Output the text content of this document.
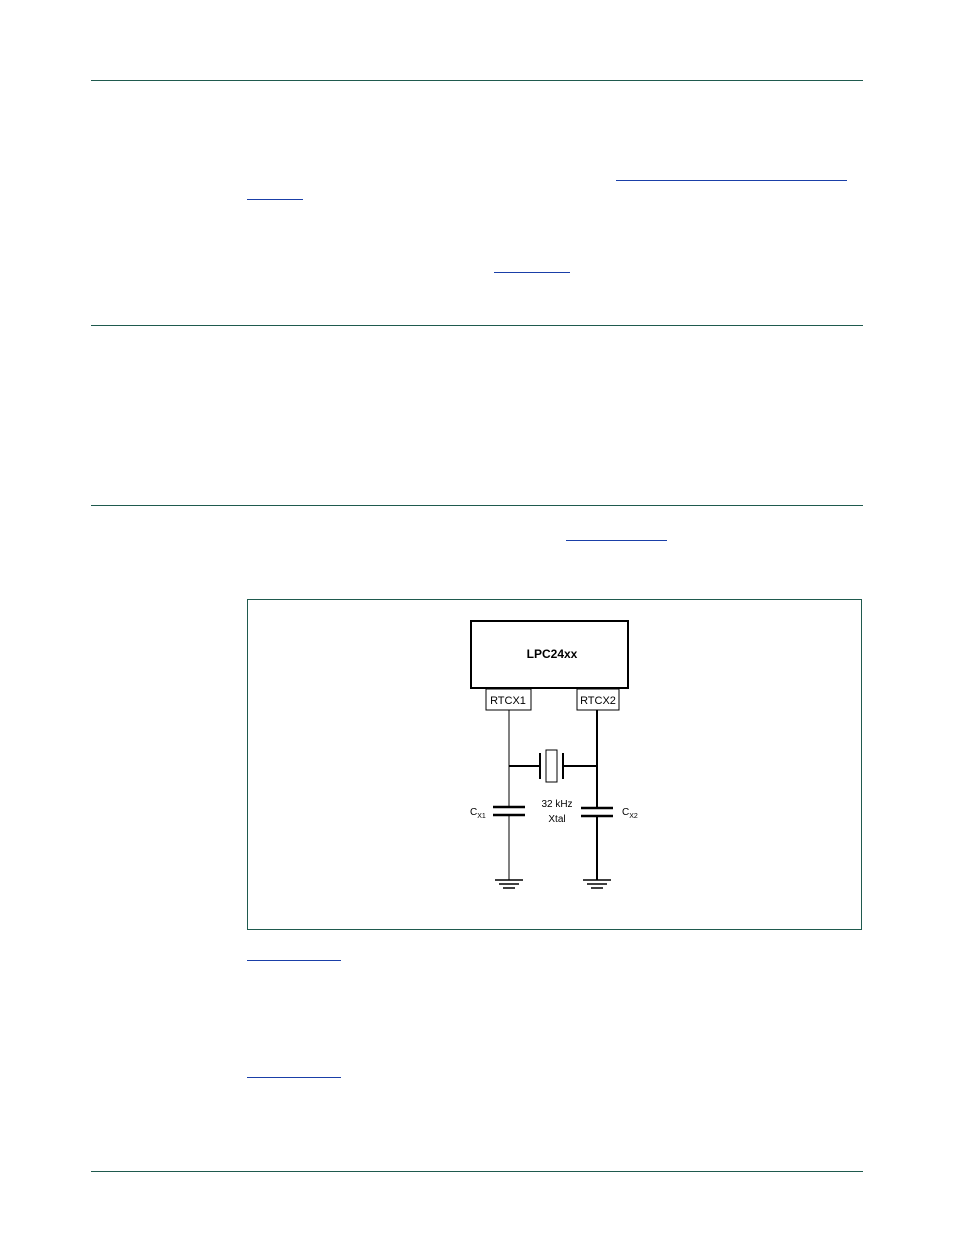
LPC24xx
RTCX1	RTCX2
32 kHz
Xtal
$C_{X1}$	$C_{X2}$
